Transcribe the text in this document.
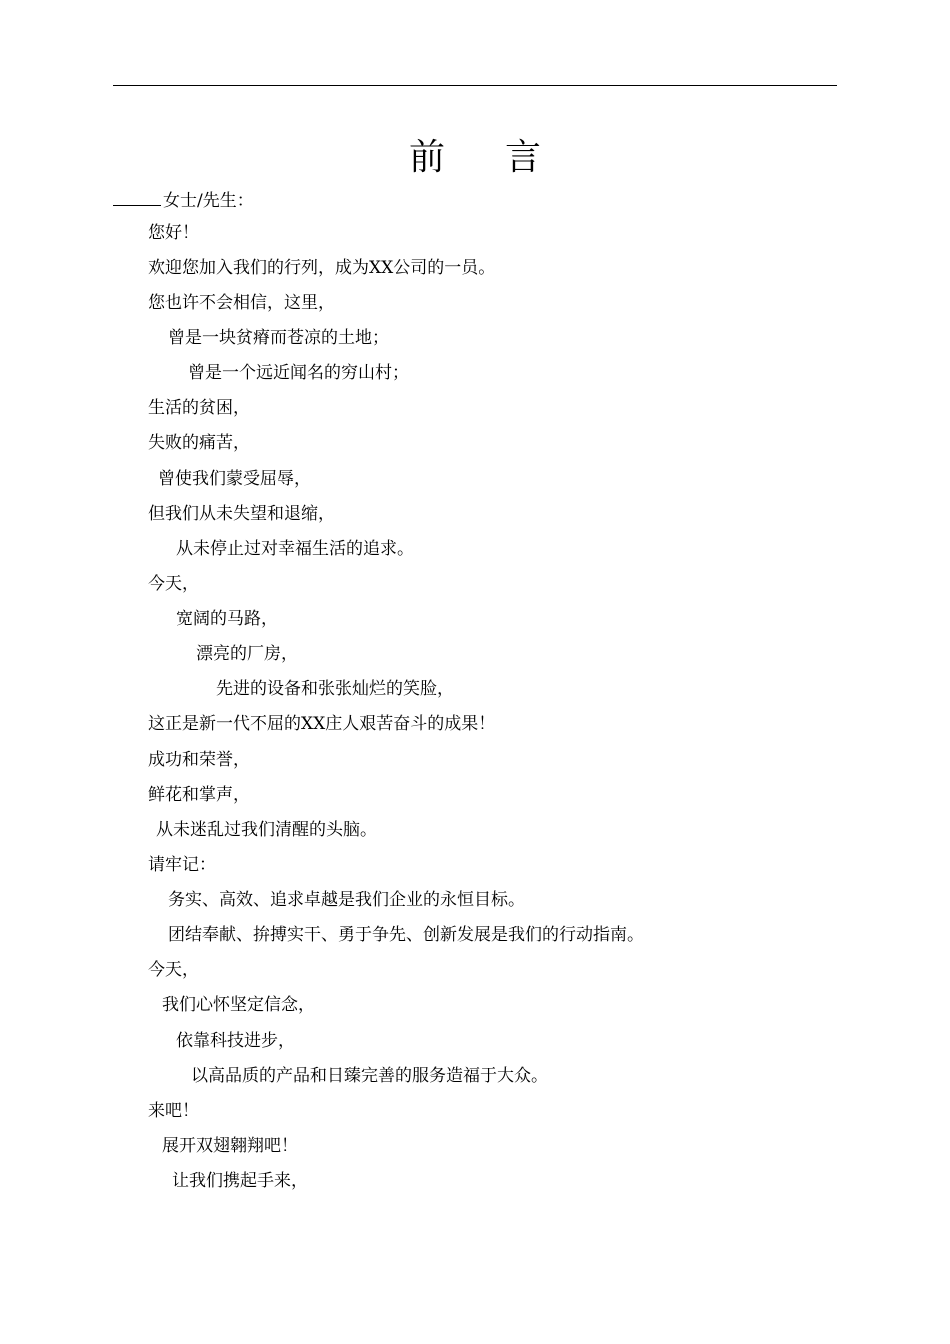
前 言
女士/先生：
您好！
欢迎您加入我们的行列，成为XX公司的一员。
您也许不会相信，这里，
曾是一块贫瘠而苍凉的土地；
曾是一个远近闻名的穷山村；
生活的贫困，
失败的痛苦，
曾使我们蒙受屈辱，
但我们从未失望和退缩，
从未停止过对幸福生活的追求。
今天，
宽阔的马路，
漂亮的厂房，
先进的设备和张张灿烂的笑脸，
这正是新一代不屈的XX庄人艰苦奋斗的成果！
成功和荣誉，
鲜花和掌声，
从未迷乱过我们清醒的头脑。
请牢记：
务实、高效、追求卓越是我们企业的永恒目标。
团结奉献、拚搏实干、勇于争先、创新发展是我们的行动指南。
今天，
我们心怀坚定信念，
依靠科技进步，
以高品质的产品和日臻完善的服务造福于大众。
来吧！
展开双翅翱翔吧！
让我们携起手来，
